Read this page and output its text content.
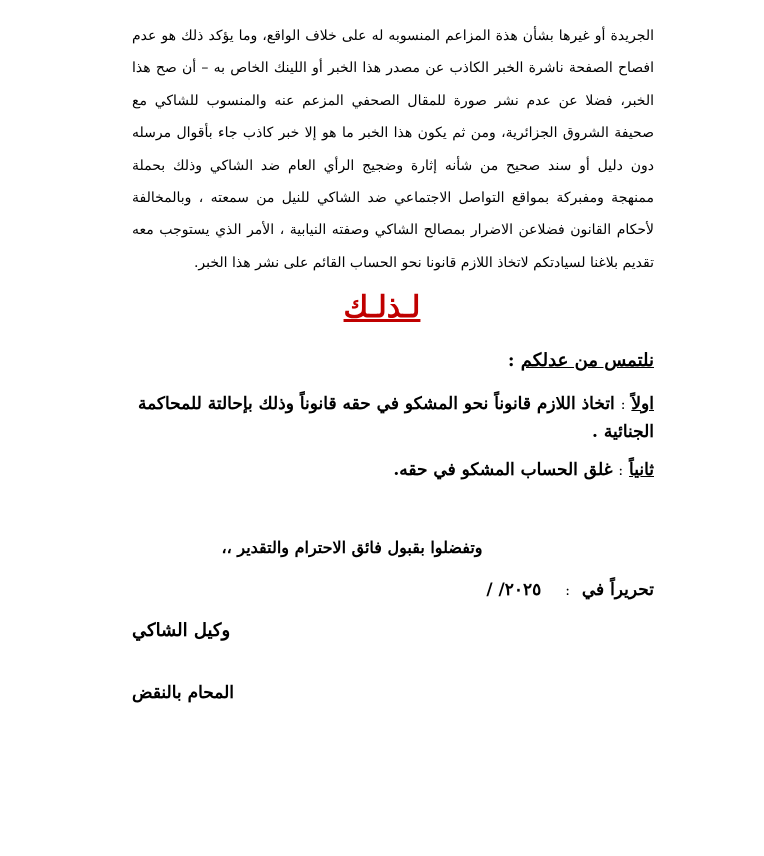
الجريدة أو غيرها بشأن هذة المزاعم المنسوبه له على خلاف الواقع، وما يؤكد ذلك هو عدم افصاح الصفحة ناشرة الخبر الكاذب عن مصدر هذا الخبر أو اللينك الخاص به – أن صح هذا الخبر، فضلا عن عدم نشر صورة للمقال الصحفي المزعم عنه والمنسوب للشاكي مع صحيفة الشروق الجزائرية، ومن ثم يكون هذا الخبر ما هو إلا خبر كاذب جاء بأقوال مرسله دون دليل أو سند صحيح من شأنه إثارة وضجيج الرأي العام ضد الشاكي وذلك بحملة ممنهجة ومفبركة بمواقع التواصل الاجتماعي ضد الشاكي للنيل من سمعته ، وبالمخالفة لأحكام القانون فضلاعن الاضرار بمصالح الشاكي وصفته النيابية ، الأمر الذي يستوجب معه تقديم بلاغنا لسيادتكم لاتخاذ اللازم قانونا نحو الحساب القائم على نشر هذا الخبر.

لـذلـك

نلتمس من عدلكم :

اولاً : اتخاذ اللازم قانوناً نحو المشكو في حقه قانوناً وذلك بإحالتة للمحاكمة الجنائية .

ثانياً : غلق الحساب المشكو في حقه.

وتفضلوا بقبول فائق الاحترام والتقدير ،،

تحريراً في : / /٢٠٢٥

وكيل الشاكي

المحام بالنقض
